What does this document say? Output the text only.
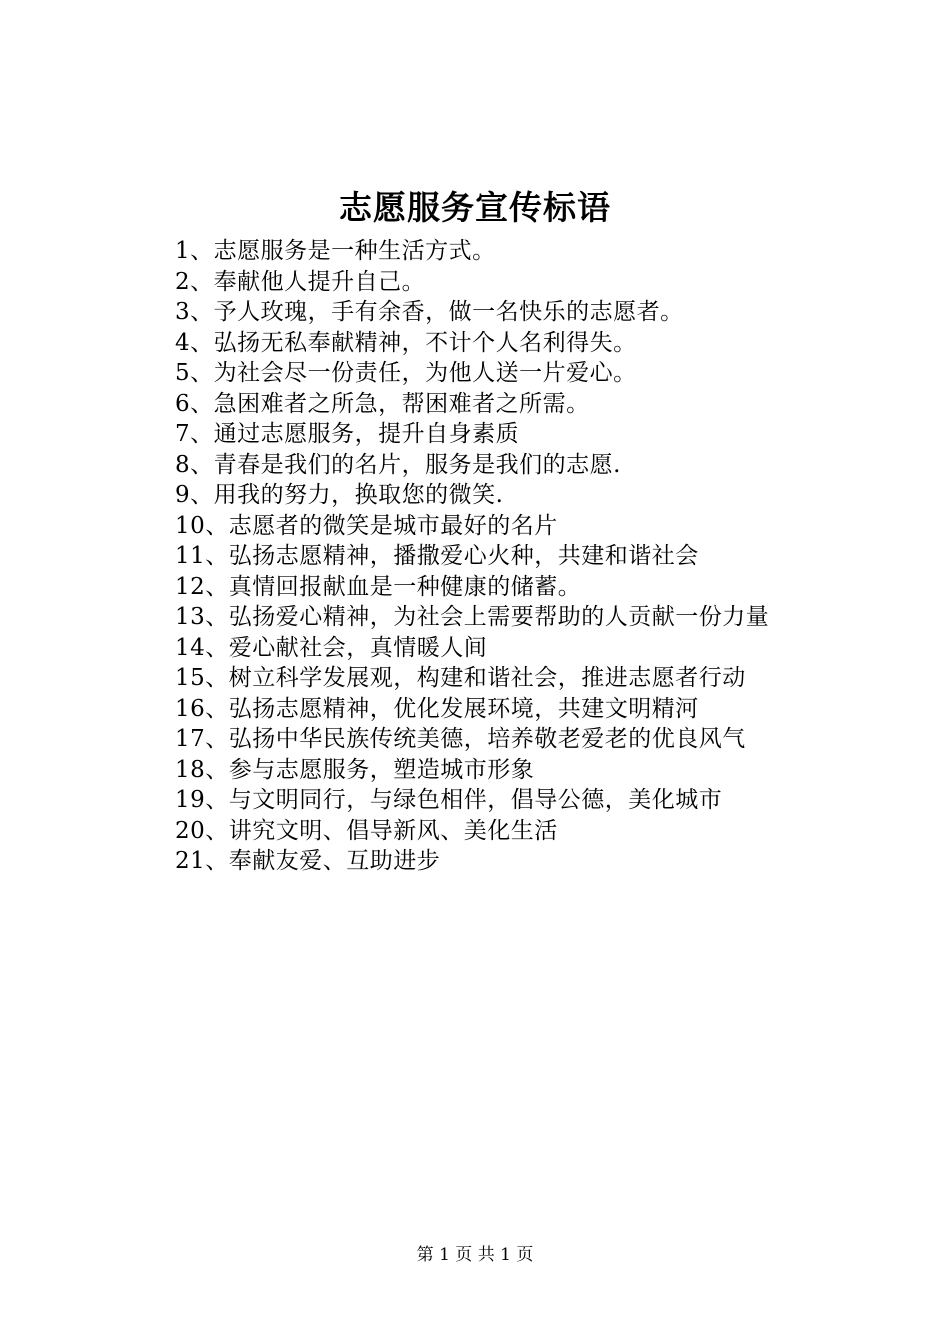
志愿服务宣传标语
1、志愿服务是一种生活方式。
2、奉献他人提升自己。
3、予人玫瑰，手有余香，做一名快乐的志愿者。
4、弘扬无私奉献精神，不计个人名利得失。
5、为社会尽一份责任，为他人送一片爱心。
6、急困难者之所急，帮困难者之所需。
7、通过志愿服务，提升自身素质
8、青春是我们的名片，服务是我们的志愿.
9、用我的努力，换取您的微笑.
10、志愿者的微笑是城市最好的名片
11、弘扬志愿精神，播撒爱心火种，共建和谐社会
12、真情回报献血是一种健康的储蓄。
13、弘扬爱心精神，为社会上需要帮助的人贡献一份力量
14、爱心献社会，真情暖人间
15、树立科学发展观，构建和谐社会，推进志愿者行动
16、弘扬志愿精神，优化发展环境，共建文明精河
17、弘扬中华民族传统美德，培养敬老爱老的优良风气
18、参与志愿服务，塑造城市形象
19、与文明同行，与绿色相伴，倡导公德，美化城市
20、讲究文明、倡导新风、美化生活
21、奉献友爱、互助进步
第 1 页 共 1 页
